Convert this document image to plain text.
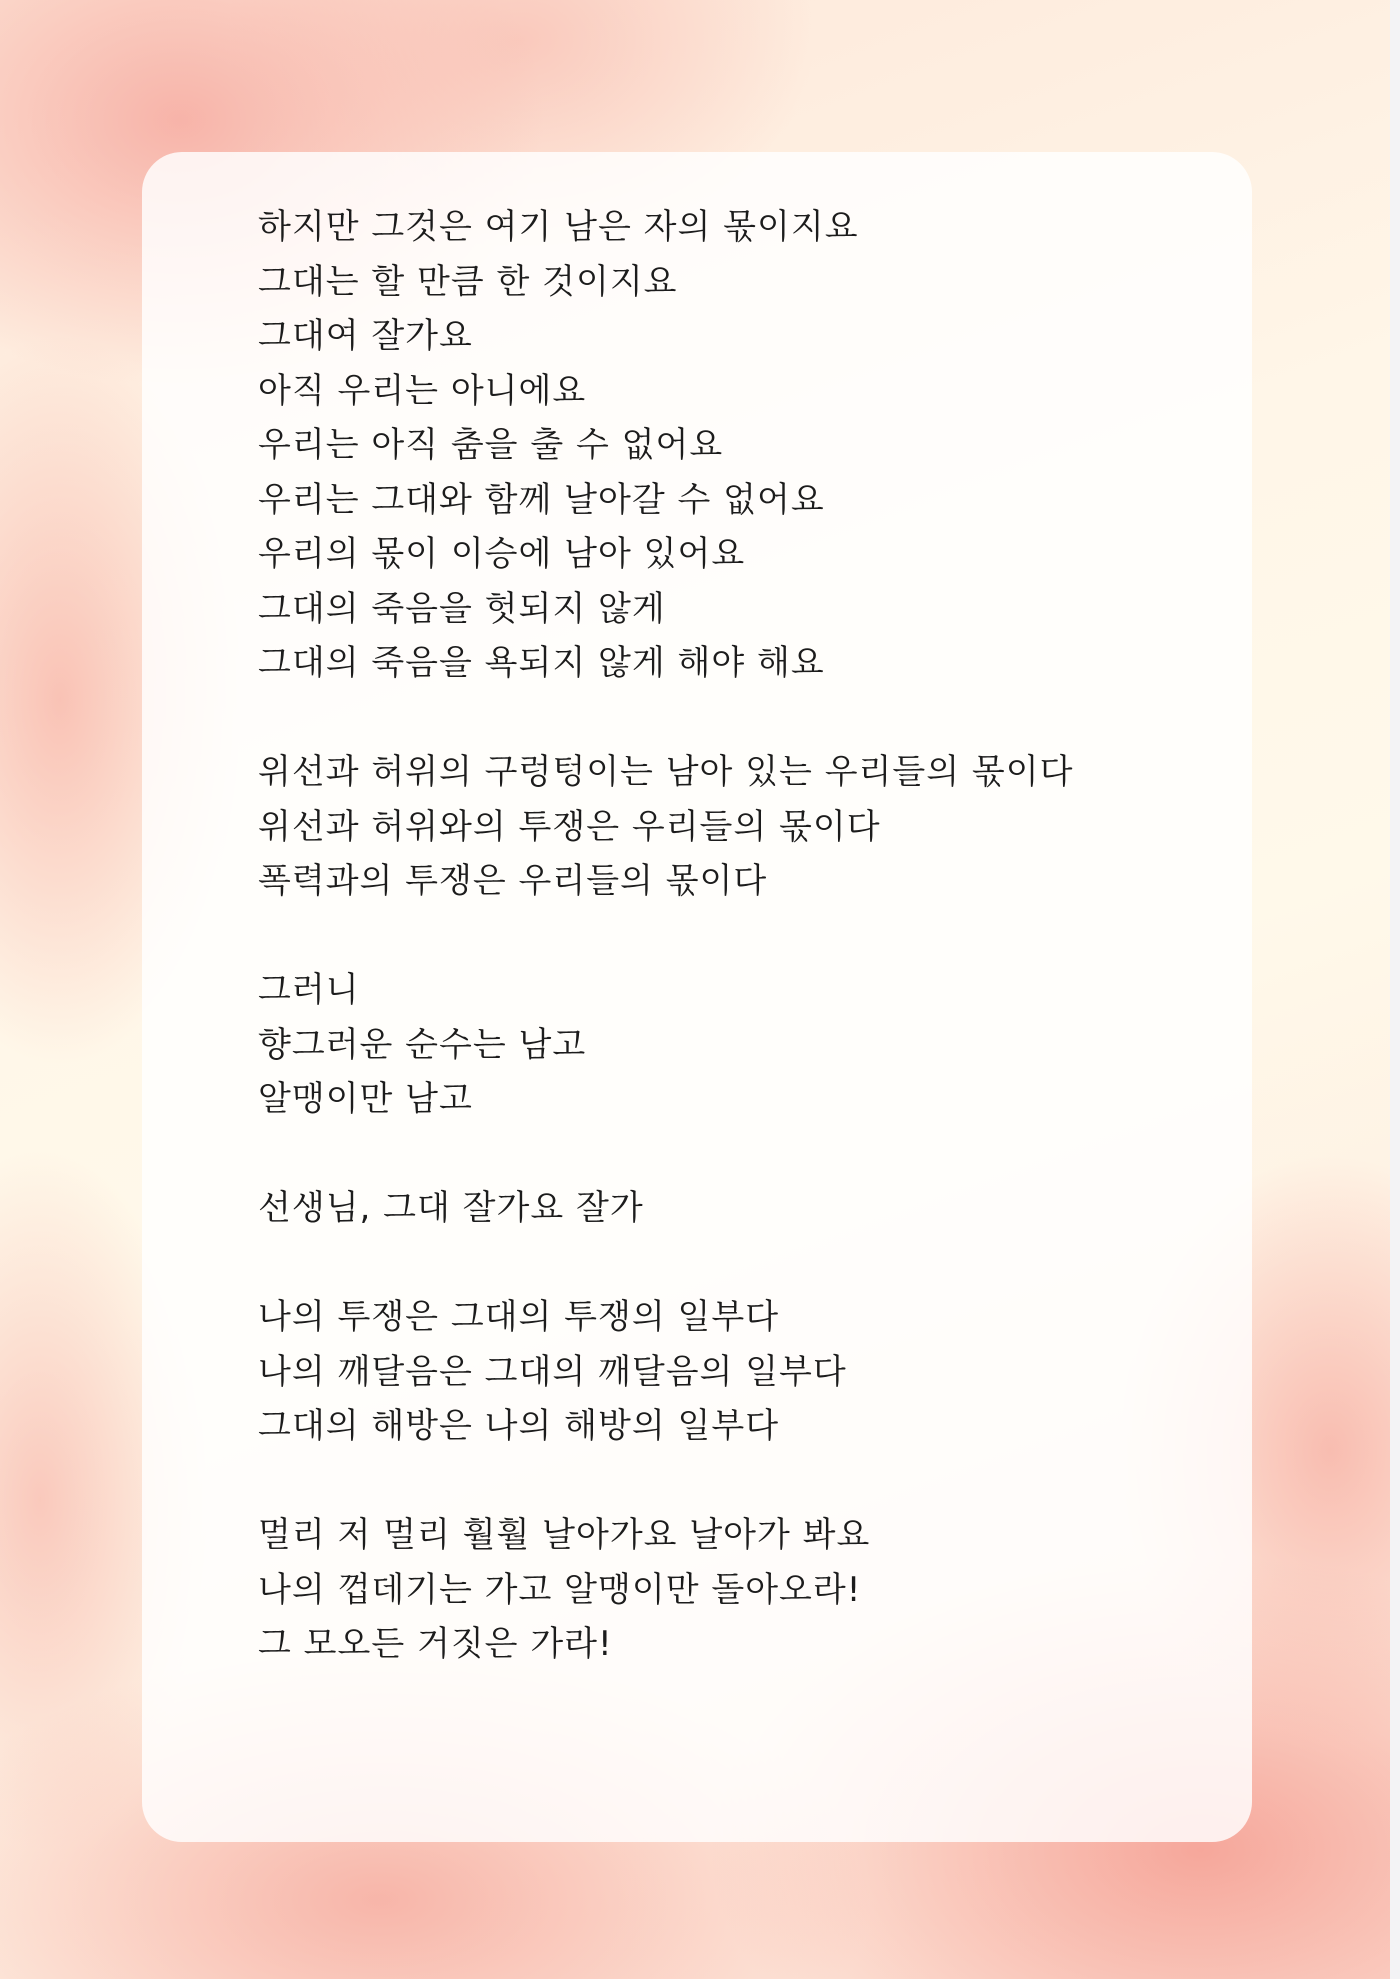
하지만 그것은 여기 남은 자의 몫이지요
그대는 할 만큼 한 것이지요
그대여 잘가요
아직 우리는 아니에요
우리는 아직 춤을 출 수 없어요
우리는 그대와 함께 날아갈 수 없어요
우리의 몫이 이승에 남아 있어요
그대의 죽음을 헛되지 않게
그대의 죽음을 욕되지 않게 해야 해요
위선과 허위의 구렁텅이는 남아 있는 우리들의 몫이다
위선과 허위와의 투쟁은 우리들의 몫이다
폭력과의 투쟁은 우리들의 몫이다
그러니
향그러운 순수는 남고
알맹이만 남고
선생님, 그대 잘가요 잘가
나의 투쟁은 그대의 투쟁의 일부다
나의 깨달음은 그대의 깨달음의 일부다
그대의 해방은 나의 해방의 일부다
멀리 저 멀리 훨훨 날아가요 날아가 봐요
나의 껍데기는 가고 알맹이만 돌아오라!
그 모오든 거짓은 가라!
